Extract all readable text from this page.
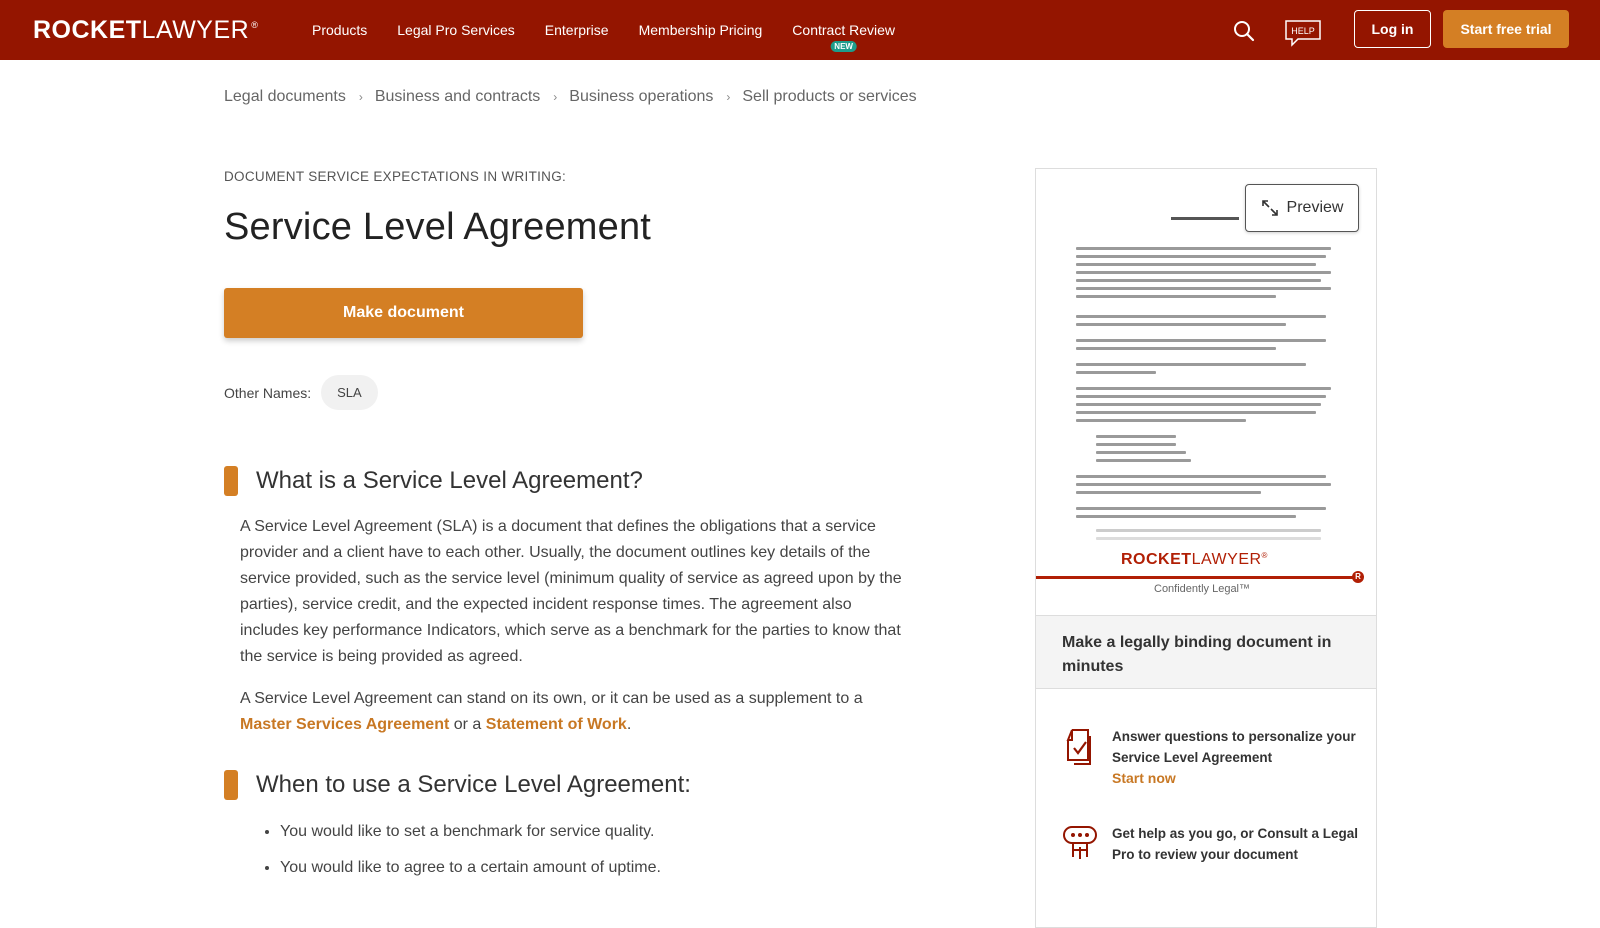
ROCKET LAWYER ®	Products Legal Pro Services Enterprise Membership Pricing Contract Review
NEW
HELP	Log in	Start free trial
Legal documents › Business and contracts › Business operations › Sell products or services
DOCUMENT SERVICE EXPECTATIONS IN WRITING:
Service Level Agreement
Make document
Other Names:	SLA
What is a Service Level Agreement?

A Service Level Agreement (SLA) is a document that defines the obligations that a service provider and a client have to each other. Usually, the document outlines key details of the service provided, such as the service level (minimum quality of service as agreed upon by the parties), service credit, and the expected incident response times. The agreement also includes key performance Indicators, which serve as a benchmark for the parties to know that the service is being provided as agreed.

A Service Level Agreement can stand on its own, or it can be used as a supplement to a Master Services Agreement or a Statement of Work.

When to use a Service Level Agreement:
• You would like to set a benchmark for service quality.
• You would like to agree to a certain amount of uptime.
Preview
ROCKETLAWYER®
R
Confidently Legal™
Make a legally binding document in minutes
Answer questions to personalize your Service Level Agreement
Start now
Get help as you go, or Consult a Legal Pro to review your document
